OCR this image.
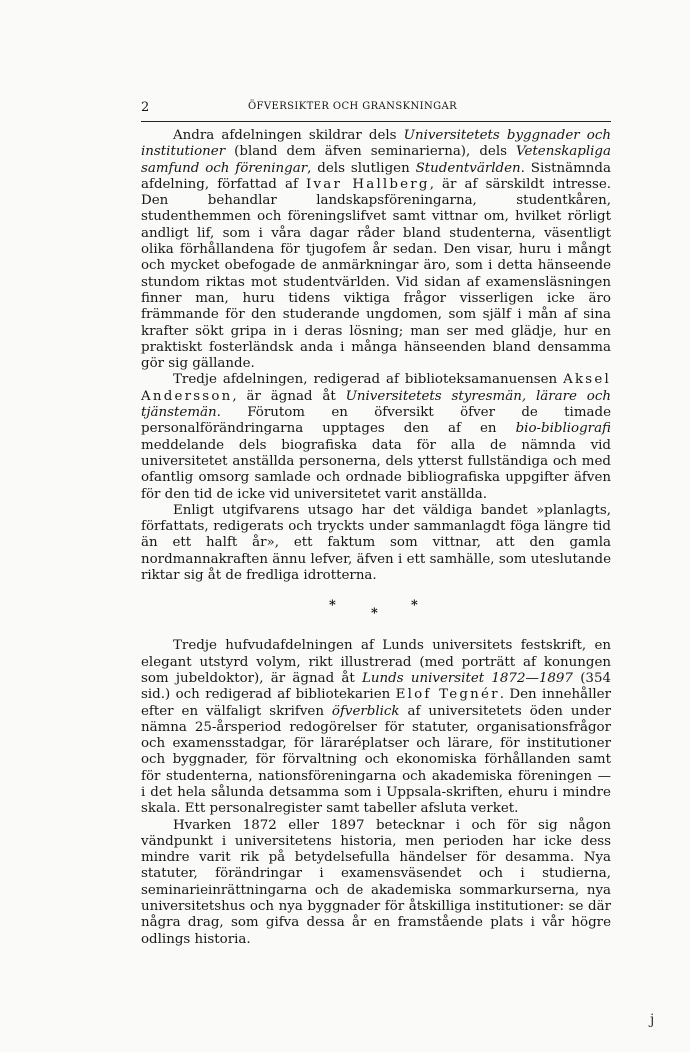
2	ÖFVERSIKTER OCH GRANSKNINGAR

Andra afdelningen skildrar dels Universitetets byggnader och institutioner (bland dem äfven seminarierna), dels Vetenskapliga samfund och föreningar, dels slutligen Studentvärlden. Sistnämnda afdelning, författad af Ivar Hallberg, är af särskildt intresse. Den behandlar landskapsföreningarna, studentkåren, studenthemmen och föreningslifvet samt vittnar om, hvilket rörligt andligt lif, som i våra dagar råder bland studenterna, väsentligt olika förhållandena för tjugofem år sedan. Den visar, huru i mångt och mycket obefogade de anmärkningar äro, som i detta hänseende stundom riktas mot studentvärlden. Vid sidan af examensläsningen finner man, huru tidens viktiga frågor visserligen icke äro främmande för den studerande ungdomen, som själf i mån af sina krafter sökt gripa in i deras lösning; man ser med glädje, hur en praktiskt fosterländsk anda i många hänseenden bland densamma gör sig gällande.

Tredje afdelningen, redigerad af biblioteksamanuensen Aksel Andersson, är ägnad åt Universitetets styresmän, lärare och tjänstemän. Förutom en öfversikt öfver de timade personalförändringarna upptages den af en bio-bibliografi meddelande dels biografiska data för alla de nämnda vid universitetet anställda personerna, dels ytterst fullständiga och med ofantlig omsorg samlade och ordnade bibliografiska uppgifter äfven för den tid de icke vid universitetet varit anställda.

Enligt utgifvarens utsago har det väldiga bandet »planlagts, författats, redigerats och tryckts under sammanlagdt föga längre tid än ett halft år», ett faktum som vittnar, att den gamla nordmannakraften ännu lefver, äfven i ett samhälle, som uteslutande riktar sig åt de fredliga idrotterna.

*
*
*

Tredje hufvudafdelningen af Lunds universitets festskrift, en elegant utstyrd volym, rikt illustrerad (med porträtt af konungen som jubeldoktor), är ägnad åt Lunds universitet 1872—1897 (354 sid.) och redigerad af bibliotekarien Elof Tegnér. Den innehåller efter en välfaligt skrifven öfverblick af universitetets öden under nämna 25-årsperiod redogörelser för statuter, organisationsfrågor och examensstadgar, för läraréplatser och lärare, för institutioner och byggnader, för förvaltning och ekonomiska förhållanden samt för studenterna, nationsföreningarna och akademiska föreningen — i det hela sålunda detsamma som i Uppsala-skriften, ehuru i mindre skala. Ett personalregister samt tabeller afsluta verket.

Hvarken 1872 eller 1897 betecknar i och för sig någon vändpunkt i universitetens historia, men perioden har icke dess mindre varit rik på betydelsefulla händelser för desamma. Nya statuter, förändringar i examensväsendet och i studierna, seminarieinrättningarna och de akademiska sommarkurserna, nya universitetshus och nya byggnader för åtskilliga institutioner: se där några drag, som gifva dessa år en framstående plats i vår högre odlings historia.

j
